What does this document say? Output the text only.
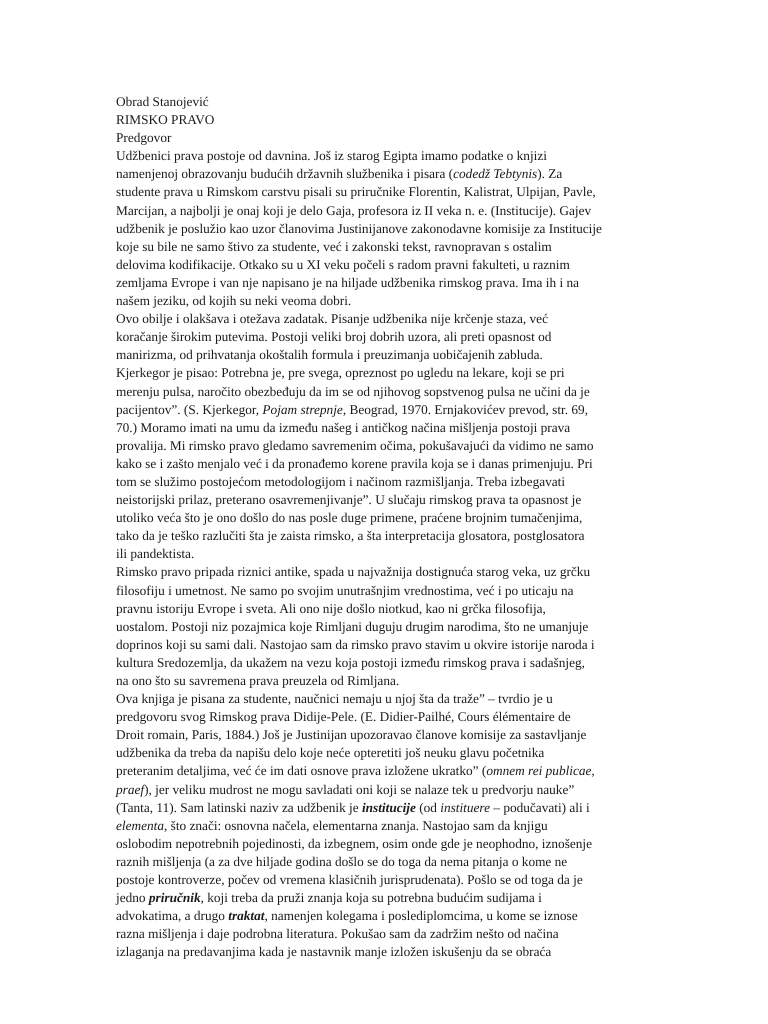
Obrad Stanojević
RIMSKO PRAVO
Predgovor
Udžbenici prava postoje od davnina. Još iz starog Egipta imamo podatke o knjizi
namenjenoj obrazovanju budućih državnih službenika i pisara (codedž Tebtynis). Za
studente prava u Rimskom carstvu pisali su priručnike Florentin, Kalistrat, Ulpijan, Pavle,
Marcijan, a najbolji je onaj koji je delo Gaja, profesora iz II veka n. e. (Institucije). Gajev
udžbenik je poslužio kao uzor članovima Justinijanove zakonodavne komisije za Institucije
koje su bile ne samo štivo za studente, već i zakonski tekst, ravnopravan s ostalim
delovima kodifikacije. Otkako su u XI veku počeli s radom pravni fakulteti, u raznim
zemljama Evrope i van nje napisano je na hiljade udžbenika rimskog prava. Ima ih i na
našem jeziku, od kojih su neki veoma dobri.
Ovo obilje i olakšava i otežava zadatak. Pisanje udžbenika nije krčenje staza, već
koračanje širokim putevima. Postoji veliki broj dobrih uzora, ali preti opasnost od
manirizma, od prihvatanja okoštalih formula i preuzimanja uobičajenih zabluda.
Kjerkegor je pisao: Potrebna je, pre svega, opreznost po ugledu na lekare, koji se pri
merenju pulsa, naročito obezbeđuju da im se od njihovog sopstvenog pulsa ne učini da je
pacijentov”. (S. Kjerkegor, Pojam strepnje, Beograd, 1970. Ernjakovićev prevod, str. 69,
70.) Moramo imati na umu da između našeg i antičkog načina mišljenja postoji prava
provalija. Mi rimsko pravo gledamo savremenim očima, pokušavajući da vidimo ne samo
kako se i zašto menjalo već i da pronađemo korene pravila koja se i danas primenjuju. Pri
tom se služimo postojećom metodologijom i načinom razmišljanja. Treba izbegavati
neistorijski prilaz, preterano osavremenjivanje”. U slučaju rimskog prava ta opasnost je
utoliko veća što je ono došlo do nas posle duge primene, praćene brojnim tumačenjima,
tako da je teško razlučiti šta je zaista rimsko, a šta interpretacija glosatora, postglosatora
ili pandektista.
Rimsko pravo pripada riznici antike, spada u najvažnija dostignuća starog veka, uz grčku
filosofiju i umetnost. Ne samo po svojim unutrašnjim vrednostima, već i po uticaju na
pravnu istoriju Evrope i sveta. Ali ono nije došlo niotkud, kao ni grčka filosofija,
uostalom. Postoji niz pozajmica koje Rimljani duguju drugim narodima, što ne umanjuje
doprinos koji su sami dali. Nastojao sam da rimsko pravo stavim u okvire istorije naroda i
kultura Sredozemlja, da ukažem na vezu koja postoji između rimskog prava i sadašnjeg,
na ono što su savremena prava preuzela od Rimljana.
Ova knjiga je pisana za studente, naučnici nemaju u njoj šta da traže” – tvrdio je u
predgovoru svog Rimskog prava Didije-Pele. (E. Didier-Pailhé, Cours élémentaire de
Droit romain, Paris, 1884.) Još je Justinijan upozoravao članove komisije za sastavljanje
udžbenika da treba da napišu delo koje neće opteretiti još neuku glavu početnika
preteranim detaljima, već će im dati osnove prava izložene ukratko” (omnem rei publicae,
praef), jer veliku mudrost ne mogu savladati oni koji se nalaze tek u predvorju nauke”
(Tanta, 11). Sam latinski naziv za udžbenik je institucije (od instituere – podučavati) ali i
elementa, što znači: osnovna načela, elementarna znanja. Nastojao sam da knjigu
oslobodim nepotrebnih pojedinosti, da izbegnem, osim onde gde je neophodno, iznošenje
raznih mišljenja (a za dve hiljade godina došlo se do toga da nema pitanja o kome ne
postoje kontroverze, počev od vremena klasičnih jurisprudenata). Pošlo se od toga da je
jedno priručnik, koji treba da pruži znanja koja su potrebna budućim sudijama i
advokatima, a drugo traktat, namenjen kolegama i poslediplomcima, u kome se iznose
razna mišljenja i daje podrobna literatura. Pokušao sam da zadržim nešto od načina
izlaganja na predavanjima kada je nastavnik manje izložen iskušenju da se obraća
